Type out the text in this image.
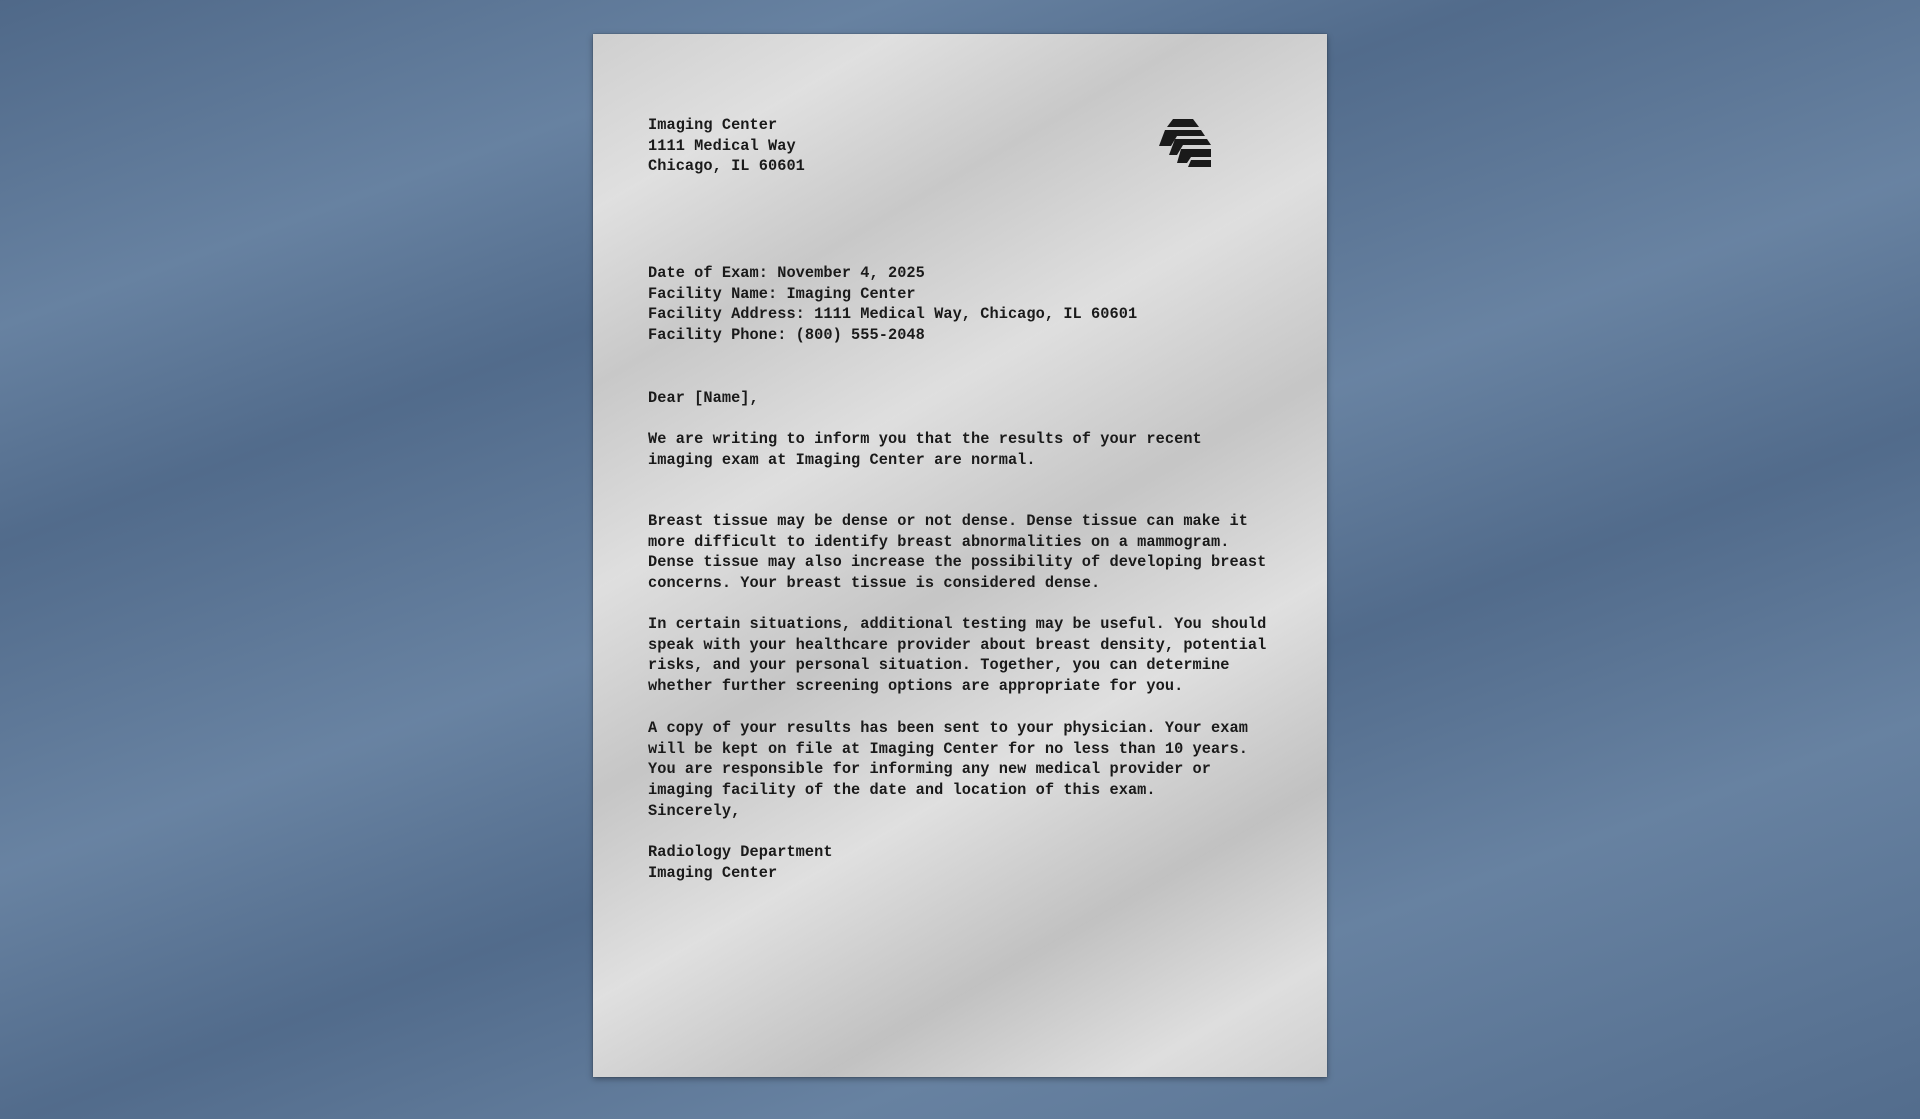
Imaging Center
1111 Medical Way
Chicago, IL 60601
Date of Exam: November 4, 2025
Facility Name: Imaging Center
Facility Address: 1111 Medical Way, Chicago, IL 60601
Facility Phone: (800) 555-2048
Dear [Name],
We are writing to inform you that the results of your recent
imaging exam at Imaging Center are normal.
Breast tissue may be dense or not dense. Dense tissue can make it
more difficult to identify breast abnormalities on a mammogram.
Dense tissue may also increase the possibility of developing breast
concerns. Your breast tissue is considered dense.
In certain situations, additional testing may be useful. You should
speak with your healthcare provider about breast density, potential
risks, and your personal situation. Together, you can determine
whether further screening options are appropriate for you.
A copy of your results has been sent to your physician. Your exam
will be kept on file at Imaging Center for no less than 10 years.
You are responsible for informing any new medical provider or
imaging facility of the date and location of this exam.
Sincerely,
Radiology Department
Imaging Center
